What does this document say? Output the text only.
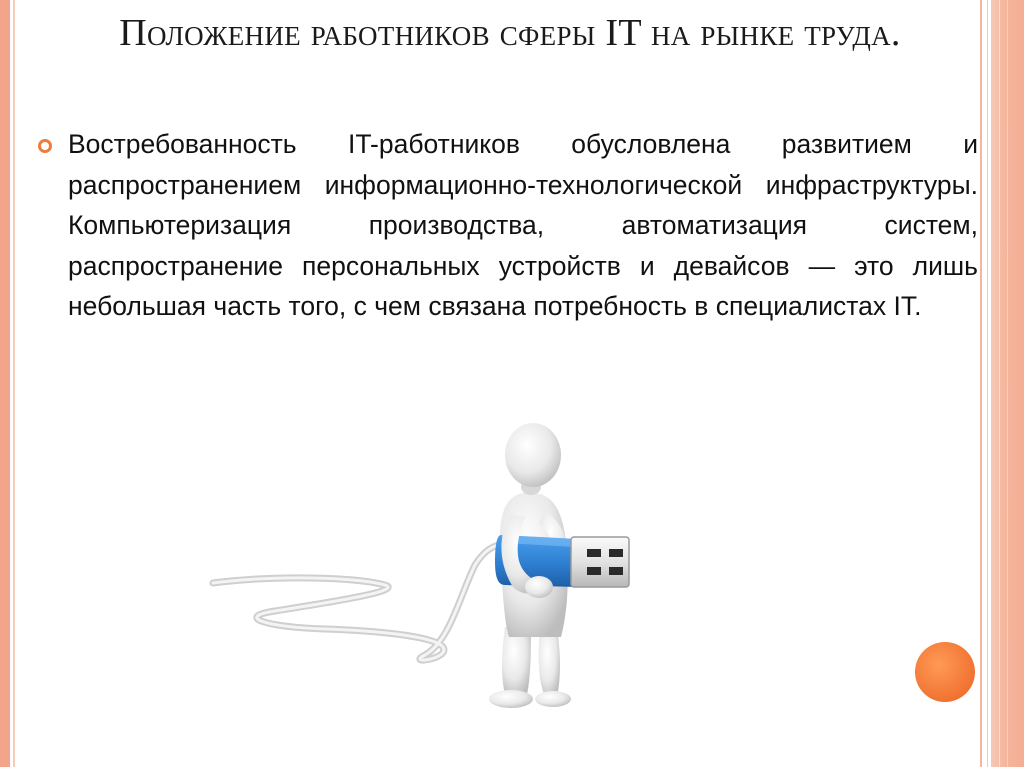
Положение работников сферы IT на рынке труда.

Востребованность IT-работников обусловлена развитием и распространением информационно-технологической инфраструктуры. Компьютеризация производства, автоматизация систем, распространение персональных устройств и девайсов — это лишь небольшая часть того, с чем связана потребность в специалистах IT.
